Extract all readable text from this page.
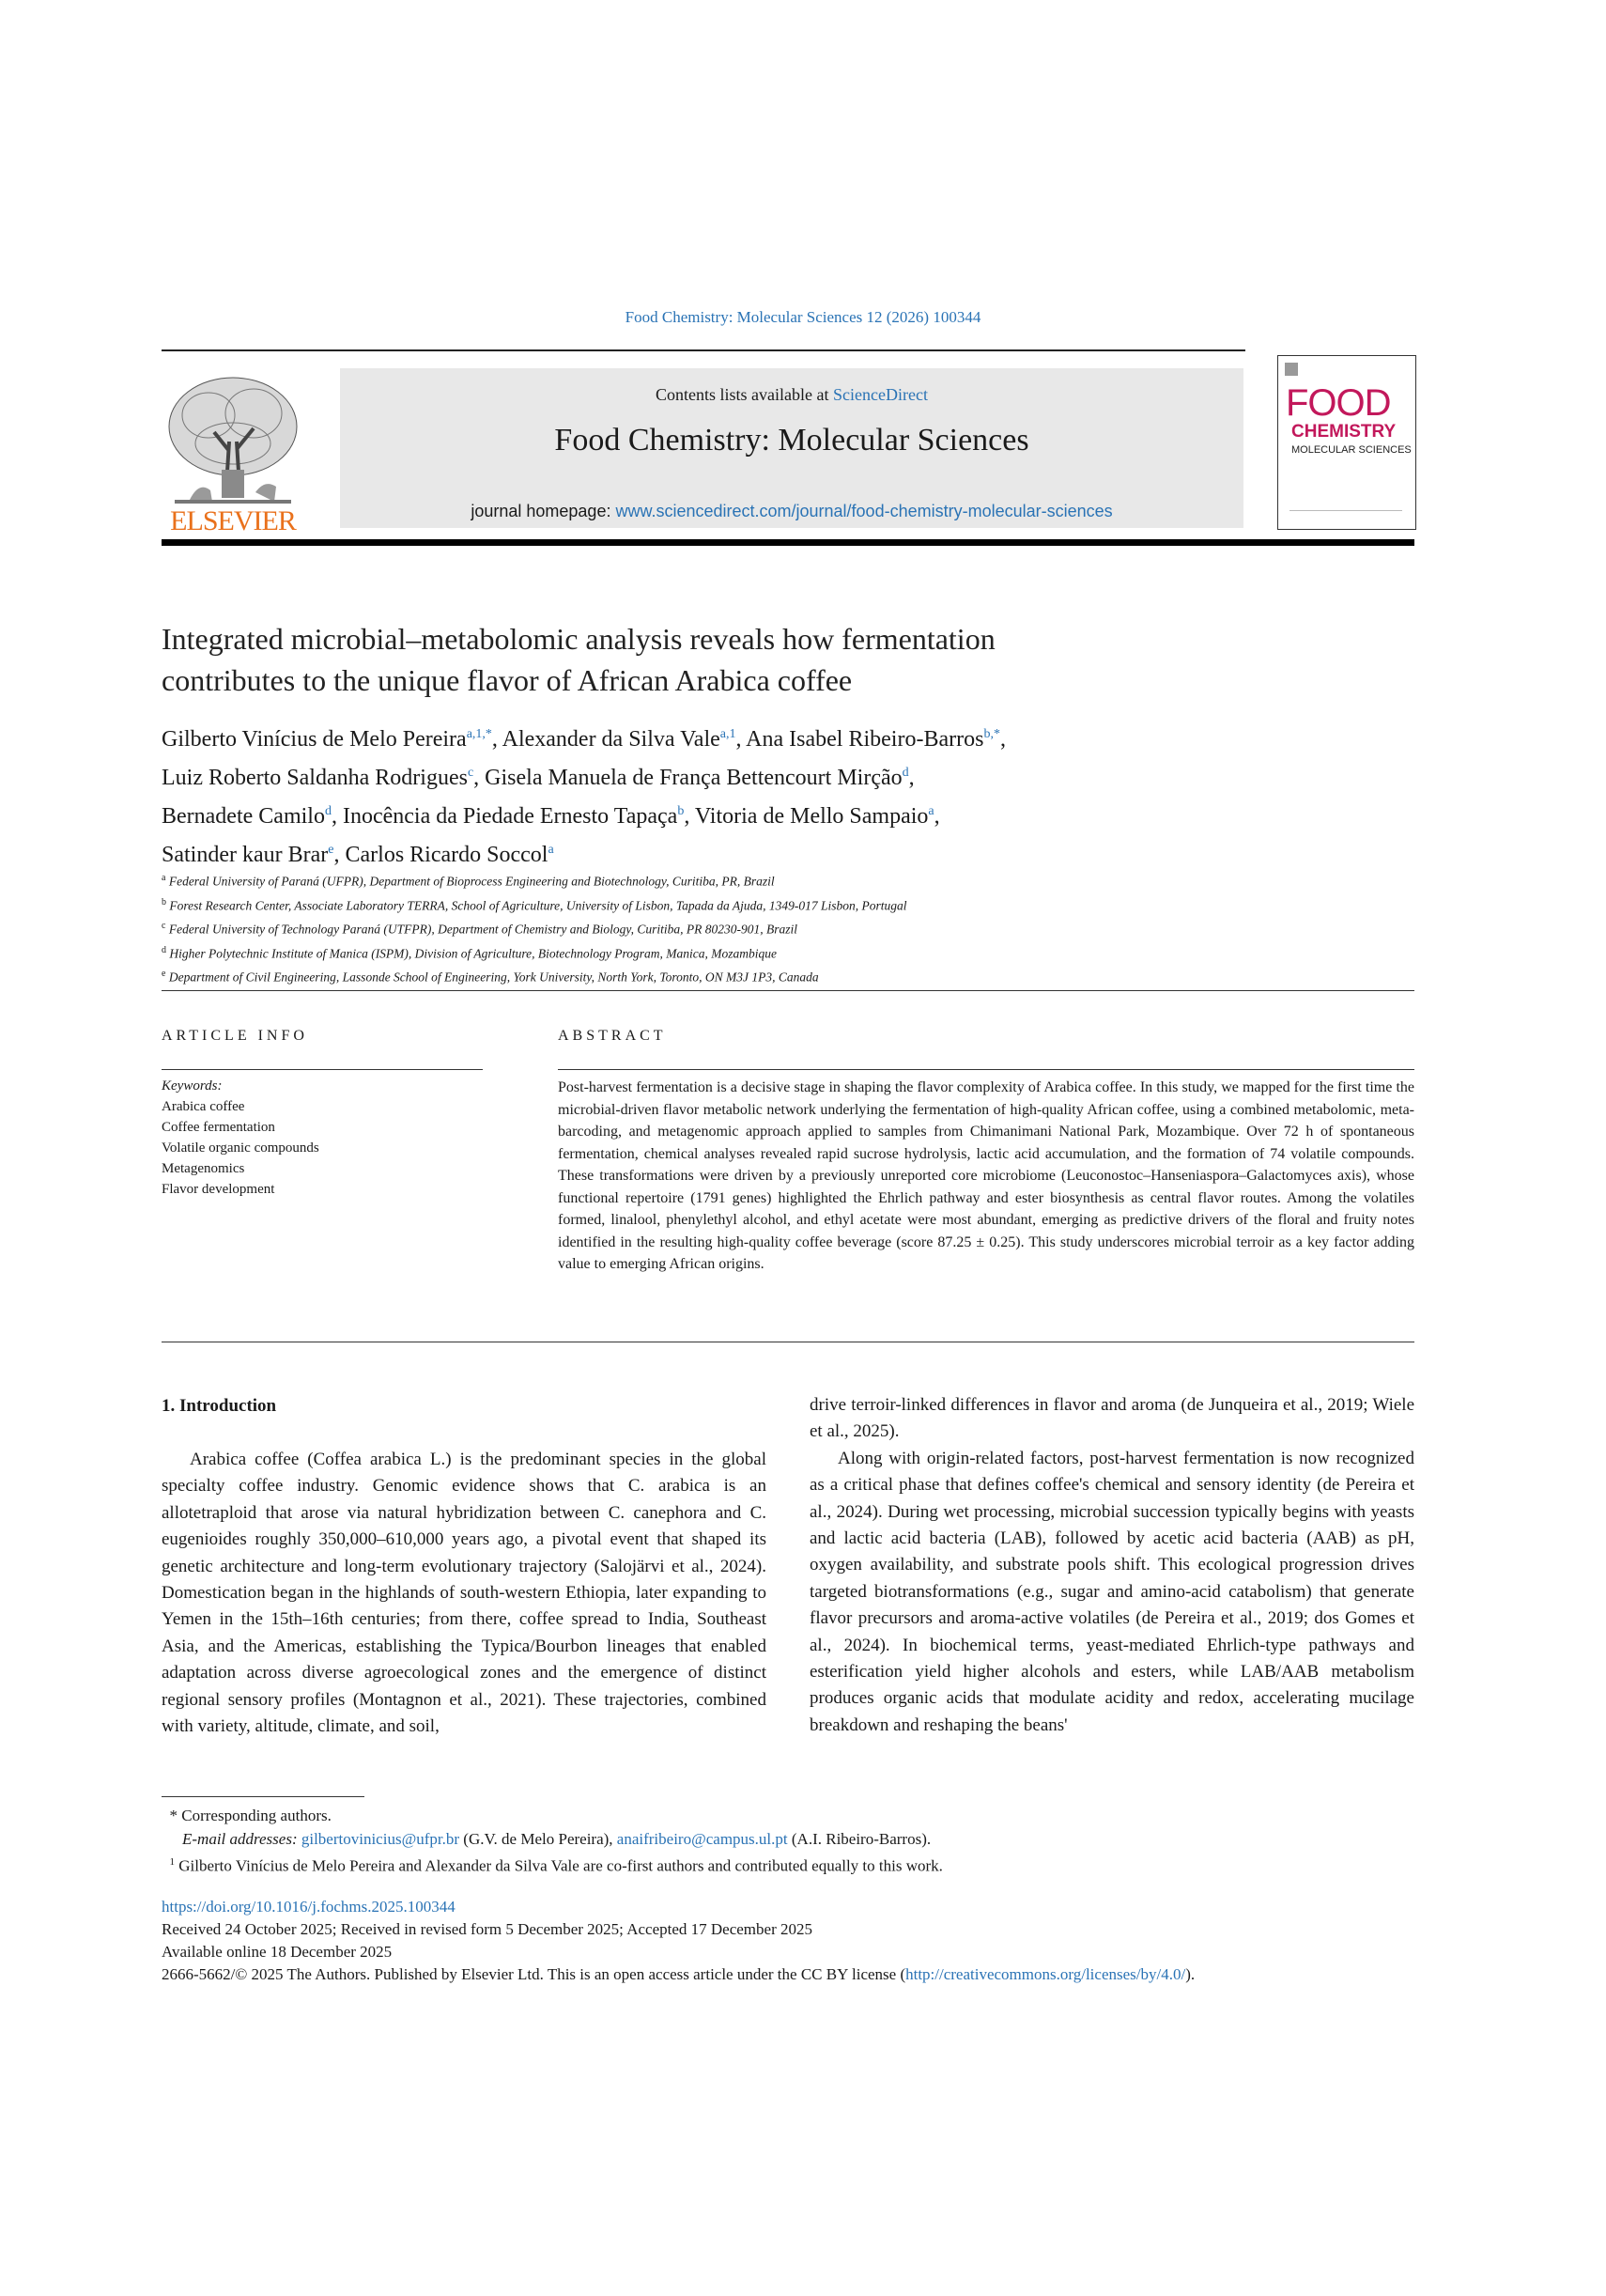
Food Chemistry: Molecular Sciences 12 (2026) 100344
ELSEVIER
Contents lists available at ScienceDirect
Food Chemistry: Molecular Sciences
journal homepage: www.sciencedirect.com/journal/food-chemistry-molecular-sciences
FOOD
CHEMISTRY
MOLECULAR SCIENCES
Integrated microbial–metabolomic analysis reveals how fermentation
contributes to the unique flavor of African Arabica coffee
Gilberto Vinícius de Melo Pereira$^{a,1,*}$, Alexander da Silva Vale$^{a,1}$, Ana Isabel Ribeiro-Barros$^{b,*}$,
Luiz Roberto Saldanha Rodrigues$^c$, Gisela Manuela de França Bettencourt Mirção$^d$,
Bernadete Camilo$^d$, Inocência da Piedade Ernesto Tapaça$^b$, Vitoria de Mello Sampaio$^a$,
Satinder kaur Brar$^e$, Carlos Ricardo Soccol$^a$
$^a$ Federal University of Paraná (UFPR), Department of Bioprocess Engineering and Biotechnology, Curitiba, PR, Brazil
$^b$ Forest Research Center, Associate Laboratory TERRA, School of Agriculture, University of Lisbon, Tapada da Ajuda, 1349-017 Lisbon, Portugal
$^c$ Federal University of Technology Paraná (UTFPR), Department of Chemistry and Biology, Curitiba, PR 80230-901, Brazil
$^d$ Higher Polytechnic Institute of Manica (ISPM), Division of Agriculture, Biotechnology Program, Manica, Mozambique
$^e$ Department of Civil Engineering, Lassonde School of Engineering, York University, North York, Toronto, ON M3J 1P3, Canada
ARTICLE INFO	ABSTRACT
Keywords:
Arabica coffee
Coffee fermentation
Volatile organic compounds
Metagenomics
Flavor development
Post-harvest fermentation is a decisive stage in shaping the flavor complexity of Arabica coffee. In this study, we mapped for the first time the microbial-driven flavor metabolic network underlying the fermentation of high-quality African coffee, using a combined metabolomic, meta-barcoding, and metagenomic approach applied to samples from Chimanimani National Park, Mozambique. Over 72 h of spontaneous fermentation, chemical analyses revealed rapid sucrose hydrolysis, lactic acid accumulation, and the formation of 74 volatile compounds. These transformations were driven by a previously unreported core microbiome (Leuconostoc–Hanseniaspora–Galactomyces axis), whose functional repertoire (1791 genes) highlighted the Ehrlich pathway and ester biosynthesis as central flavor routes. Among the volatiles formed, linalool, phenylethyl alcohol, and ethyl acetate were most abundant, emerging as predictive drivers of the floral and fruity notes identified in the resulting high-quality coffee beverage (score 87.25 ± 0.25). This study underscores microbial terroir as a key factor adding value to emerging African origins.
1. Introduction

Arabica coffee (Coffea arabica L.) is the predominant species in the global specialty coffee industry. Genomic evidence shows that C. arabica is an allotetraploid that arose via natural hybridization between C. canephora and C. eugenioides roughly 350,000–610,000 years ago, a pivotal event that shaped its genetic architecture and long-term evolutionary trajectory (Salojärvi et al., 2024). Domestication began in the highlands of south-western Ethiopia, later expanding to Yemen in the 15th–16th centuries; from there, coffee spread to India, Southeast Asia, and the Americas, establishing the Typica/Bourbon lineages that enabled adaptation across diverse agroecological zones and the emergence of distinct regional sensory profiles (Montagnon et al., 2021). These trajectories, combined with variety, altitude, climate, and soil,

drive terroir-linked differences in flavor and aroma (de Junqueira et al., 2019; Wiele et al., 2025).

Along with origin-related factors, post-harvest fermentation is now recognized as a critical phase that defines coffee's chemical and sensory identity (de Pereira et al., 2024). During wet processing, microbial succession typically begins with yeasts and lactic acid bacteria (LAB), followed by acetic acid bacteria (AAB) as pH, oxygen availability, and substrate pools shift. This ecological progression drives targeted biotransformations (e.g., sugar and amino-acid catabolism) that generate flavor precursors and aroma-active volatiles (de Pereira et al., 2019; dos Gomes et al., 2024). In biochemical terms, yeast-mediated Ehrlich-type pathways and esterification yield higher alcohols and esters, while LAB/AAB metabolism produces organic acids that modulate acidity and redox, accelerating mucilage breakdown and reshaping the beans'

* Corresponding authors.
E-mail addresses: gilbertovinicius@ufpr.br (G.V. de Melo Pereira), anaifribeiro@campus.ul.pt (A.I. Ribeiro-Barros).
$^1$ Gilberto Vinícius de Melo Pereira and Alexander da Silva Vale are co-first authors and contributed equally to this work.
https://doi.org/10.1016/j.fochms.2025.100344
Received 24 October 2025; Received in revised form 5 December 2025; Accepted 17 December 2025
Available online 18 December 2025
2666-5662/© 2025 The Authors. Published by Elsevier Ltd. This is an open access article under the CC BY license (http://creativecommons.org/licenses/by/4.0/).
